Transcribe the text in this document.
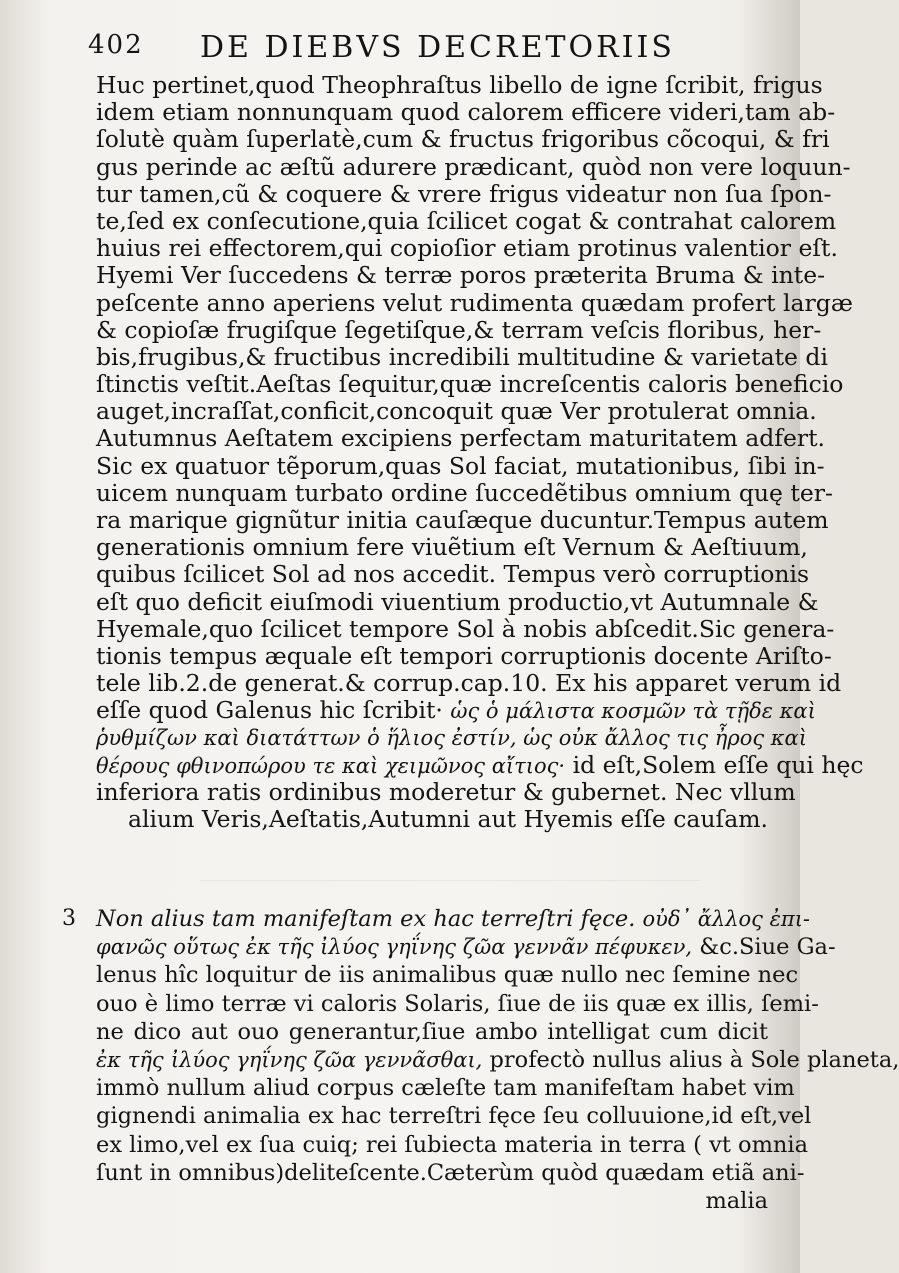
402 DE DIEBVS DECRETORIIS
Huc pertinet,quod Theophraſtus libello de igne ſcribit, frigus
idem etiam nonnunquam quod calorem efficere videri,tam ab-
ſolutè quàm ſuperlatè,cum & fructus frigoribus cõcoqui, & fri
gus perinde ac æſtũ adurere prædicant, quòd non vere loquun-
tur tamen,cũ & coquere & vrere frigus videatur non ſua ſpon-
te,ſed ex conſecutione,quia ſcilicet cogat & contrahat calorem
huius rei effectorem,qui copioſior etiam protinus valentior eſt.
Hyemi Ver ſuccedens & terræ poros præterita Bruma & inte-
peſcente anno aperiens velut rudimenta quædam profert largæ
& copioſæ frugiſque ſegetiſque,& terram veſcis floribus, her-
bis,frugibus,& fructibus incredibili multitudine & varietate di
ſtinctis veſtit.Aeſtas ſequitur,quæ increſcentis caloris beneficio
auget,incraſſat,conficit,concoquit quæ Ver protulerat omnia.
Autumnus Aeſtatem excipiens perfectam maturitatem adfert.
Sic ex quatuor tẽporum,quas Sol faciat, mutationibus, ſibi in-
uicem nunquam turbato ordine ſuccedẽtibus omnium quę ter-
ra marique gignũtur initia cauſæque ducuntur.Tempus autem
generationis omnium fere viuẽtium eſt Vernum & Aeſtiuum,
quibus ſcilicet Sol ad nos accedit. Tempus verò corruptionis
eſt quo deficit eiuſmodi viuentium productio,vt Autumnale &
Hyemale,quo ſcilicet tempore Sol à nobis abſcedit.Sic genera-
tionis tempus æquale eſt tempori corruptionis docente Ariſto-
tele lib.2.de generat.& corrup.cap.10. Ex his apparet verum id
eſſe quod Galenus hic ſcribit· ὡς ὁ μάλιστα κοσμῶν τὰ τῇδε καὶ
ῥυθμίζων καὶ διατάττων ὁ ἥλιος ἐστίν, ὡς οὐκ ἄλλος τις ἦρος καὶ
θέρους φθινοπώρου τε καὶ χειμῶνος αἴτιος· id eſt,Solem eſſe qui hęc
inferiora ratis ordinibus moderetur & gubernet. Nec vllum
alium Veris,Aeſtatis,Autumni aut Hyemis eſſe cauſam.
3 Non alius tam manifeſtam ex hac terreſtri fęce. οὐδ᾽ ἄλλος ἐπι-
φανῶς οὕτως ἐκ τῆς ἰλύος γηΐνης ζῶα γεννᾶν πέφυκεν, &c.Siue Ga-
lenus hîc loquitur de iis animalibus quæ nullo nec ſemine nec
ouo è limo terræ vi caloris Solaris, ſiue de iis quæ ex illis, ſemi-
ne dico aut ouo generantur,ſiue ambo intelligat cum dicit
ἐκ τῆς ἰλύος γηΐνης ζῶα γεννᾶσθαι, profectò nullus alius à Sole planeta,
immò nullum aliud corpus cæleſte tam manifeſtam habet vim
gignendi animalia ex hac terreſtri fęce ſeu colluuione,id eſt,vel
ex limo,vel ex ſua cuiq; rei ſubiecta materia in terra ( vt omnia
ſunt in omnibus)deliteſcente.Cæterùm quòd quædam etiã ani-
malia
